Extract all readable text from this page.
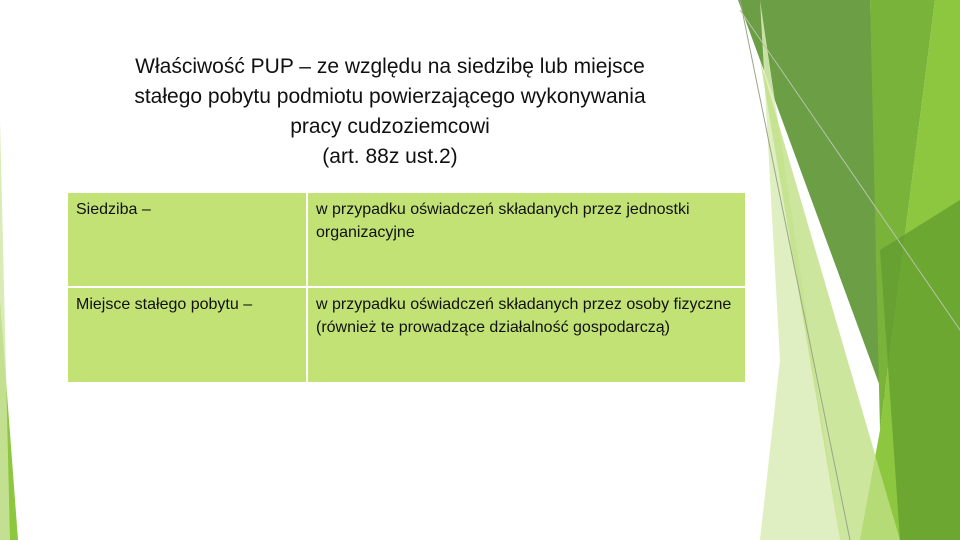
Właściwość PUP – ze względu na siedzibę lub miejsce
stałego pobytu podmiotu powierzającego wykonywania
pracy cudzoziemcowi
(art. 88z ust.2)
Siedziba –	w przypadku oświadczeń składanych przez jednostki organizacyjne
Miejsce stałego pobytu –	w przypadku oświadczeń składanych przez osoby fizyczne (również te prowadzące działalność gospodarczą)
